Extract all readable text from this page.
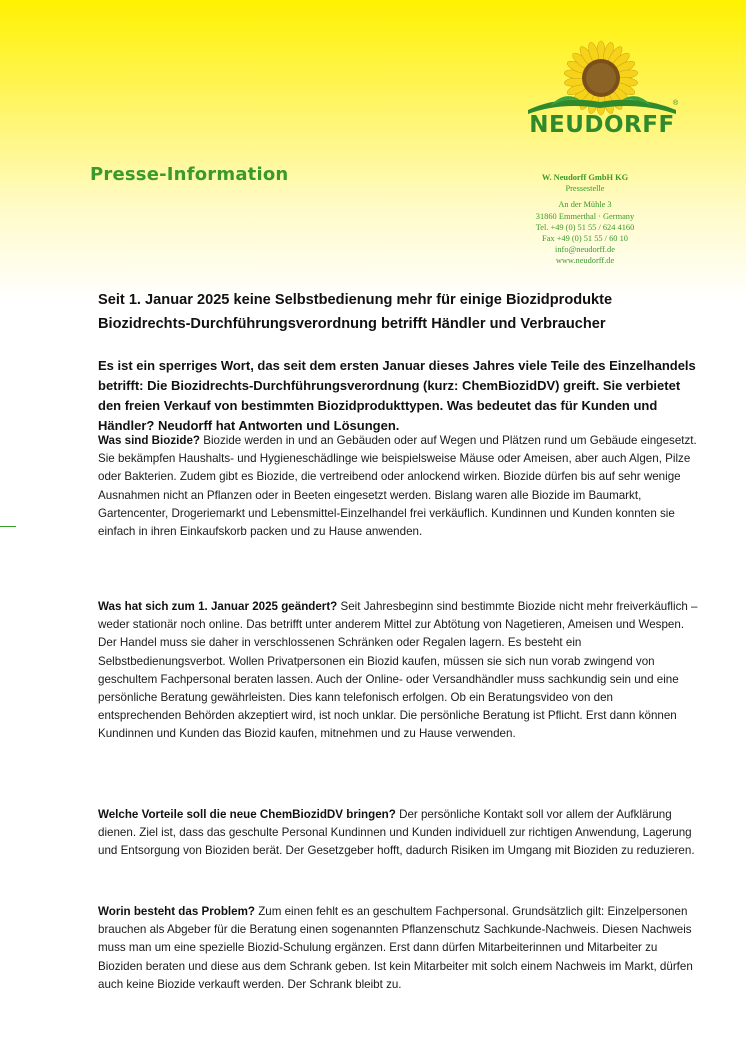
®
NEUDORFF
Presse-Information	W. Neudorff GmbH KG
Pressestelle
An der Mühle 3
31860 Emmerthal · Germany
Tel. +49 (0) 51 55 / 624 4160
Fax +49 (0) 51 55 / 60 10
info@neudorff.de
www.neudorff.de
Seit 1. Januar 2025 keine Selbstbedienung mehr für einige Biozidprodukte
Biozidrechts-Durchführungsverordnung betrifft Händler und Verbraucher
Es ist ein sperriges Wort, das seit dem ersten Januar dieses Jahres viele Teile des Einzelhandels betrifft: Die Biozidrechts-Durchführungsverordnung (kurz: ChemBiozidDV) greift. Sie verbietet den freien Verkauf von bestimmten Biozidprodukttypen. Was bedeutet das für Kunden und Händler? Neudorff hat Antworten und Lösungen.
Was sind Biozide? Biozide werden in und an Gebäuden oder auf Wegen und Plätzen rund um Gebäude eingesetzt. Sie bekämpfen Haushalts- und Hygieneschädlinge wie beispielsweise Mäuse oder Ameisen, aber auch Algen, Pilze oder Bakterien. Zudem gibt es Biozide, die vertreibend oder anlockend wirken. Biozide dürfen bis auf sehr wenige Ausnahmen nicht an Pflanzen oder in Beeten eingesetzt werden. Bislang waren alle Biozide im Baumarkt, Gartencenter, Drogeriemarkt und Lebensmittel-Einzelhandel frei verkäuflich. Kundinnen und Kunden konnten sie einfach in ihren Einkaufskorb packen und zu Hause anwenden.
Was hat sich zum 1. Januar 2025 geändert? Seit Jahresbeginn sind bestimmte Biozide nicht mehr freiverkäuflich – weder stationär noch online. Das betrifft unter anderem Mittel zur Abtötung von Nagetieren, Ameisen und Wespen. Der Handel muss sie daher in verschlossenen Schränken oder Regalen lagern. Es besteht ein Selbstbedienungsverbot. Wollen Privatpersonen ein Biozid kaufen, müssen sie sich nun vorab zwingend von geschultem Fachpersonal beraten lassen. Auch der Online- oder Versandhändler muss sachkundig sein und eine persönliche Beratung gewährleisten. Dies kann telefonisch erfolgen. Ob ein Beratungsvideo von den entsprechenden Behörden akzeptiert wird, ist noch unklar. Die persönliche Beratung ist Pflicht. Erst dann können Kundinnen und Kunden das Biozid kaufen, mitnehmen und zu Hause verwenden.
Welche Vorteile soll die neue ChemBiozidDV bringen? Der persönliche Kontakt soll vor allem der Aufklärung dienen. Ziel ist, dass das geschulte Personal Kundinnen und Kunden individuell zur richtigen Anwendung, Lagerung und Entsorgung von Bioziden berät. Der Gesetzgeber hofft, dadurch Risiken im Umgang mit Bioziden zu reduzieren.
Worin besteht das Problem? Zum einen fehlt es an geschultem Fachpersonal. Grundsätzlich gilt: Einzelpersonen brauchen als Abgeber für die Beratung einen sogenannten Pflanzenschutz Sachkunde-Nachweis. Diesen Nachweis muss man um eine spezielle Biozid-Schulung ergänzen. Erst dann dürfen Mitarbeiterinnen und Mitarbeiter zu Bioziden beraten und diese aus dem Schrank geben. Ist kein Mitarbeiter mit solch einem Nachweis im Markt, dürfen auch keine Biozide verkauft werden. Der Schrank bleibt zu.
